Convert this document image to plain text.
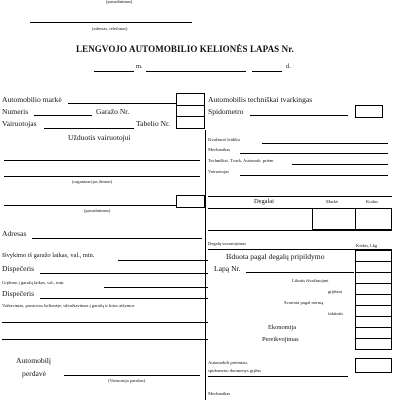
(pavadinimas)
(adresas, telefonas)
LENGVOJO AUTOMOBILIO KELIONĖS LAPAS Nr.
m.	d.
Automobilio markė
Numeris	Garažo Nr.
Vairuotojas	Tabelio Nr.
Užduotis vairuotojui
(organizacijos žinion)
(pavadinimas)
Adresas
Išvykimo iš garažo laikas, val., min.
Dispečeris
Grįžimo į garažą laikas, val., min.
Dispečeris
Važiavimas, prastovos kelionėje, užvažiavimas į garažą ir kitos atžymos
Automobilį
perdavė
(Vairuotojo parašas)
Automobilis techniškai tvarkingas
Spidometro
Išvažiuoti leidžiu
Mechanikas
Techniškai. Tvark. Automob. priėm
Vairuotojas
Degalai	Markė	Kodas
Degalų suvartojimas	Kiekis,1,kg
Išduota pagal degalų pripildymo
Lapą Nr.
Likutis išvažiuojant
grįžtant
Švartota pagal normą
faktiniis
Ekonomija
Pereikvojimas
Automobili priėmiau,
spidometro duomenys grįžus
Mechanikas
